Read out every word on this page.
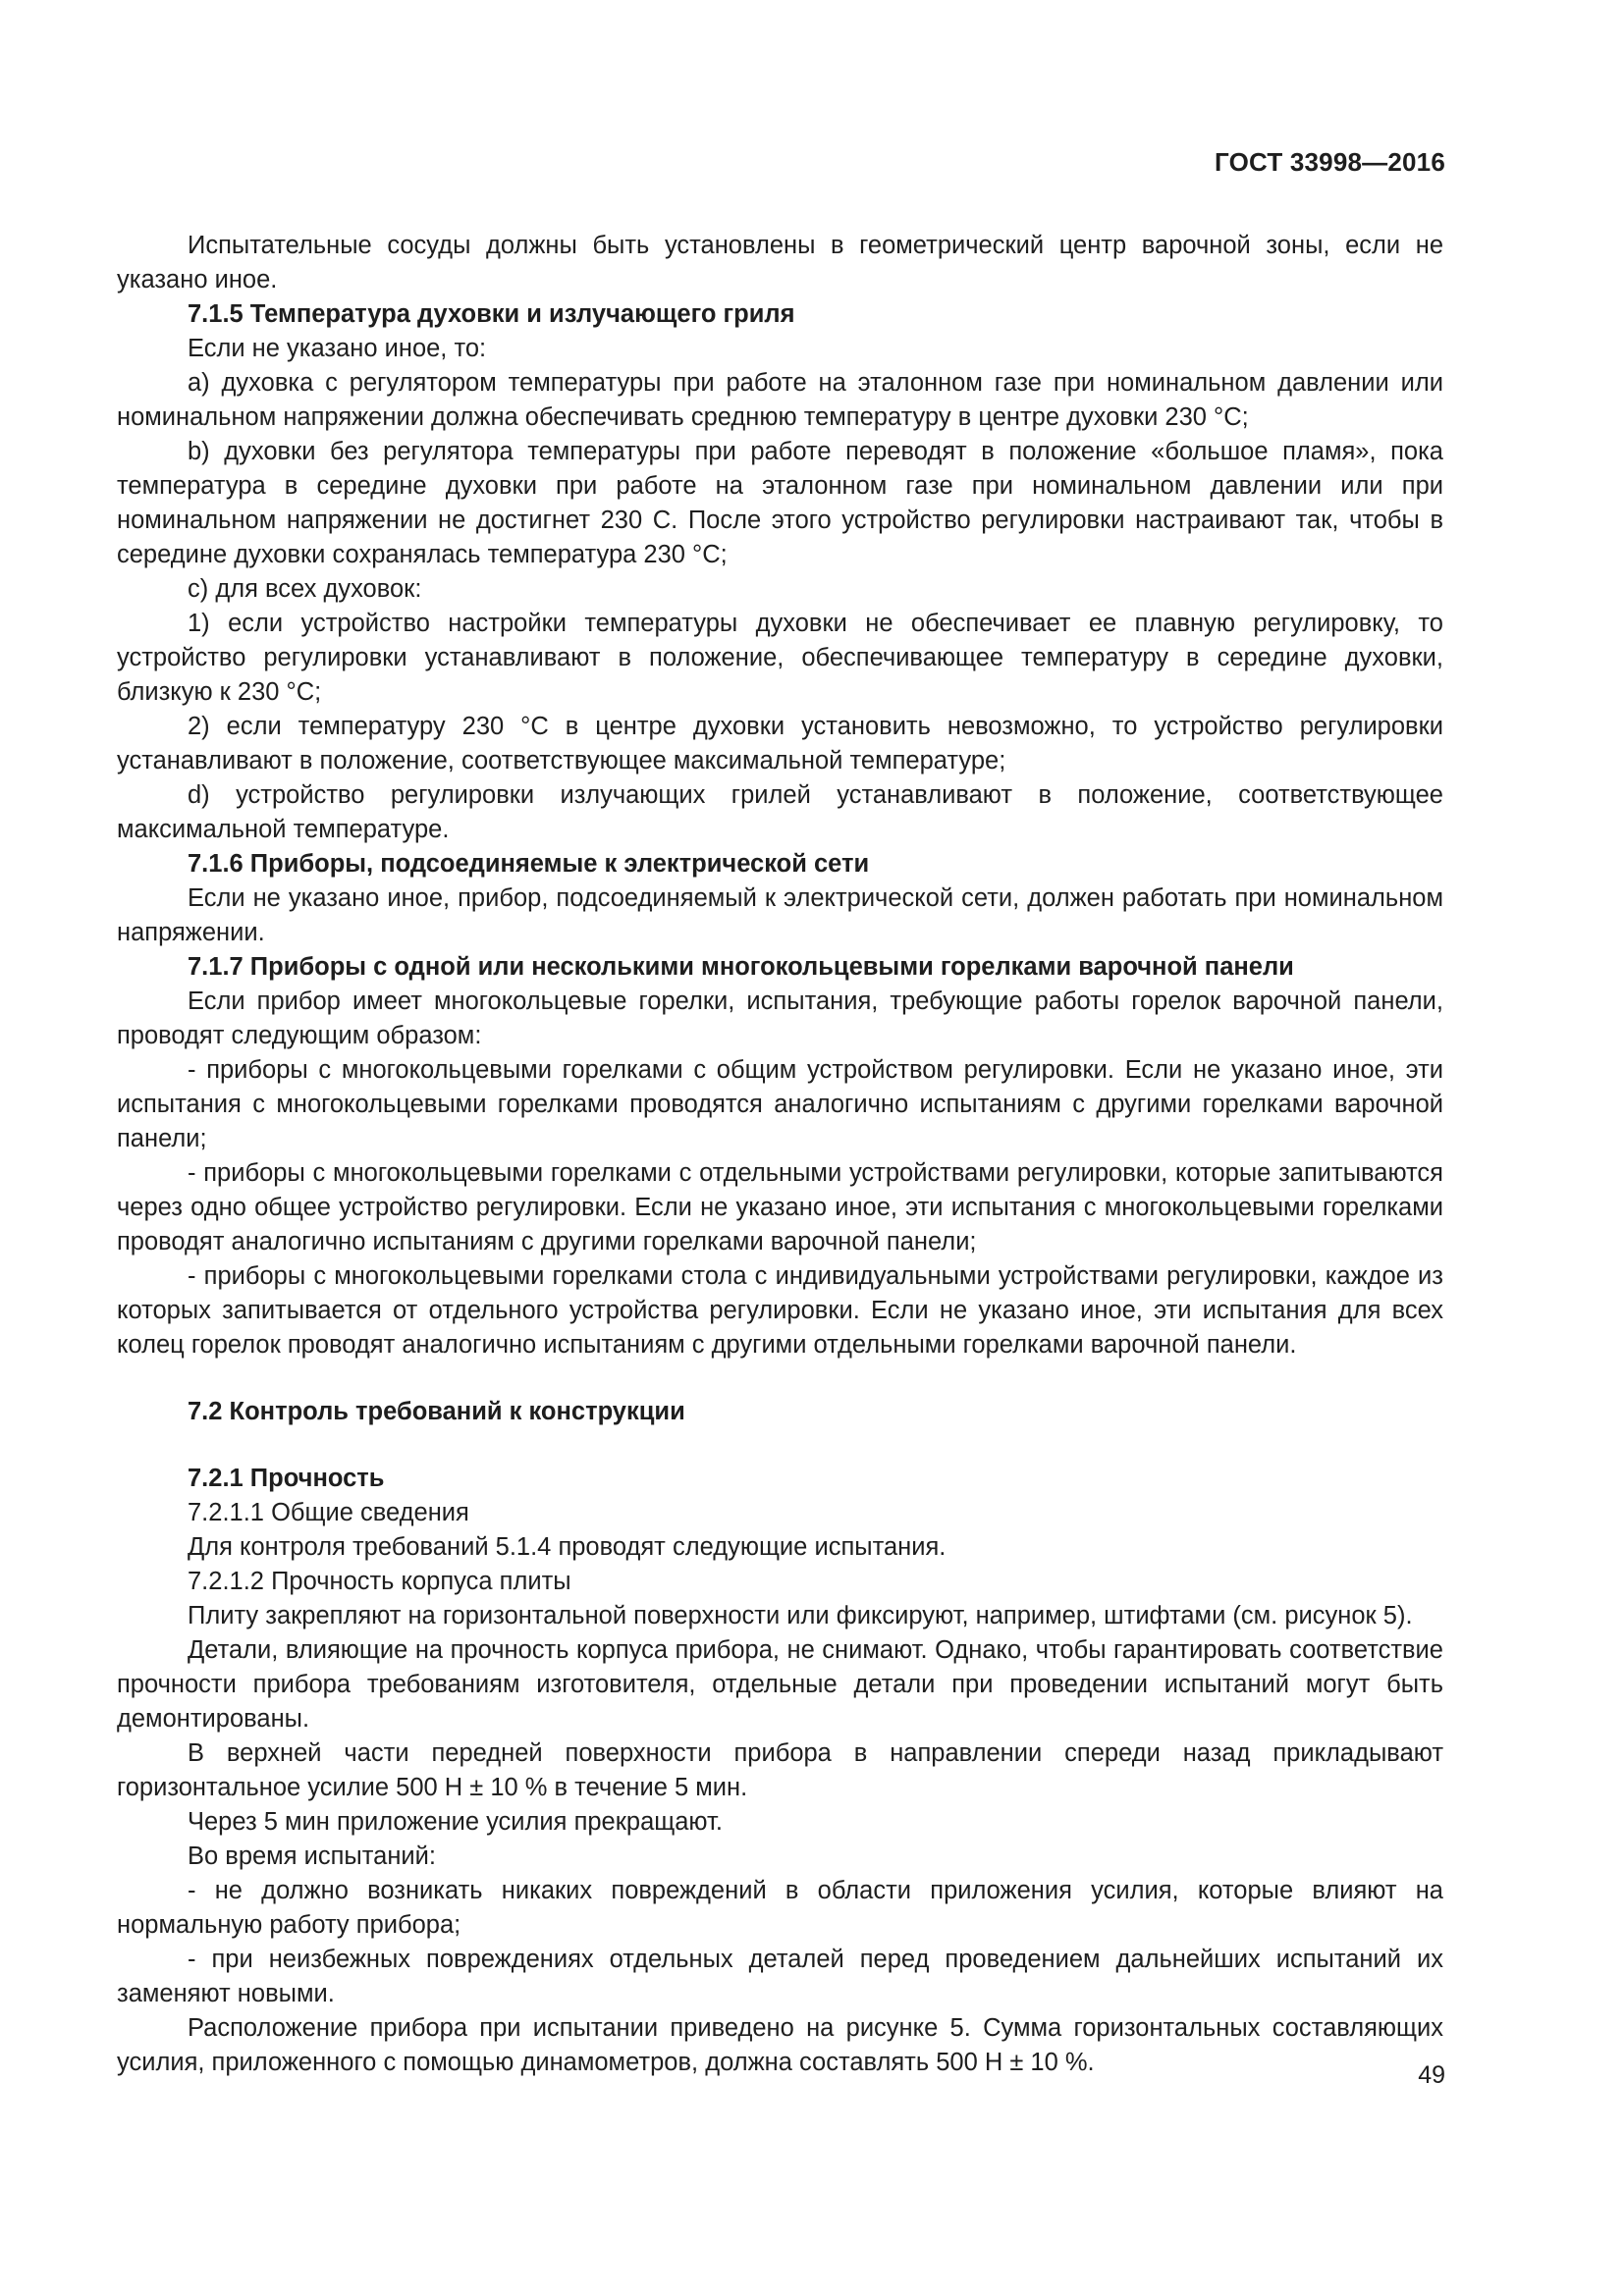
ГОСТ 33998—2016

Испытательные сосуды должны быть установлены в геометрический центр варочной зоны, если не указано иное.

7.1.5 Температура духовки и излучающего гриля

Если не указано иное, то:

а) духовка с регулятором температуры при работе на эталонном газе при номинальном давлении или номинальном напряжении должна обеспечивать среднюю температуру в центре духовки 230 °С;

b) духовки без регулятора температуры при работе переводят в положение «большое пламя», пока температура в середине духовки при работе на эталонном газе при номинальном давлении или при номинальном напряжении не достигнет 230 С. После этого устройство регулировки настраивают так, чтобы в середине духовки сохранялась температура 230 °С;

с) для всех духовок:

1) если устройство настройки температуры духовки не обеспечивает ее плавную регулировку, то устройство регулировки устанавливают в положение, обеспечивающее температуру в середине духовки, близкую к 230 °С;

2) если температуру 230 °С в центре духовки установить невозможно, то устройство регулировки устанавливают в положение, соответствующее максимальной температуре;

d) устройство регулировки излучающих грилей устанавливают в положение, соответствующее максимальной температуре.

7.1.6 Приборы, подсоединяемые к электрической сети

Если не указано иное, прибор, подсоединяемый к электрической сети, должен работать при номинальном напряжении.

7.1.7 Приборы с одной или несколькими многокольцевыми горелками варочной панели

Если прибор имеет многокольцевые горелки, испытания, требующие работы горелок варочной панели, проводят следующим образом:

- приборы с многокольцевыми горелками с общим устройством регулировки. Если не указано иное, эти испытания с многокольцевыми горелками проводятся аналогично испытаниям с другими горелками варочной панели;

- приборы с многокольцевыми горелками с отдельными устройствами регулировки, которые запитываются через одно общее устройство регулировки. Если не указано иное, эти испытания с многокольцевыми горелками проводят аналогично испытаниям с другими горелками варочной панели;

- приборы с многокольцевыми горелками стола с индивидуальными устройствами регулировки, каждое из которых запитывается от отдельного устройства регулировки. Если не указано иное, эти испытания для всех колец горелок проводят аналогично испытаниям с другими отдельными горелками варочной панели.

7.2 Контроль требований к конструкции

7.2.1 Прочность

7.2.1.1 Общие сведения

Для контроля требований 5.1.4 проводят следующие испытания.

7.2.1.2 Прочность корпуса плиты

Плиту закрепляют на горизонтальной поверхности или фиксируют, например, штифтами (см. рисунок 5).

Детали, влияющие на прочность корпуса прибора, не снимают. Однако, чтобы гарантировать соответствие прочности прибора требованиям изготовителя, отдельные детали при проведении испытаний могут быть демонтированы.

В верхней части передней поверхности прибора в направлении спереди назад прикладывают горизонтальное усилие 500 Н ± 10 % в течение 5 мин.

Через 5 мин приложение усилия прекращают.

Во время испытаний:

- не должно возникать никаких повреждений в области приложения усилия, которые влияют на нормальную работу прибора;

- при неизбежных повреждениях отдельных деталей перед проведением дальнейших испытаний их заменяют новыми.

Расположение прибора при испытании приведено на рисунке 5. Сумма горизонтальных составляющих усилия, приложенного с помощью динамометров, должна составлять 500 Н ± 10 %.	49
